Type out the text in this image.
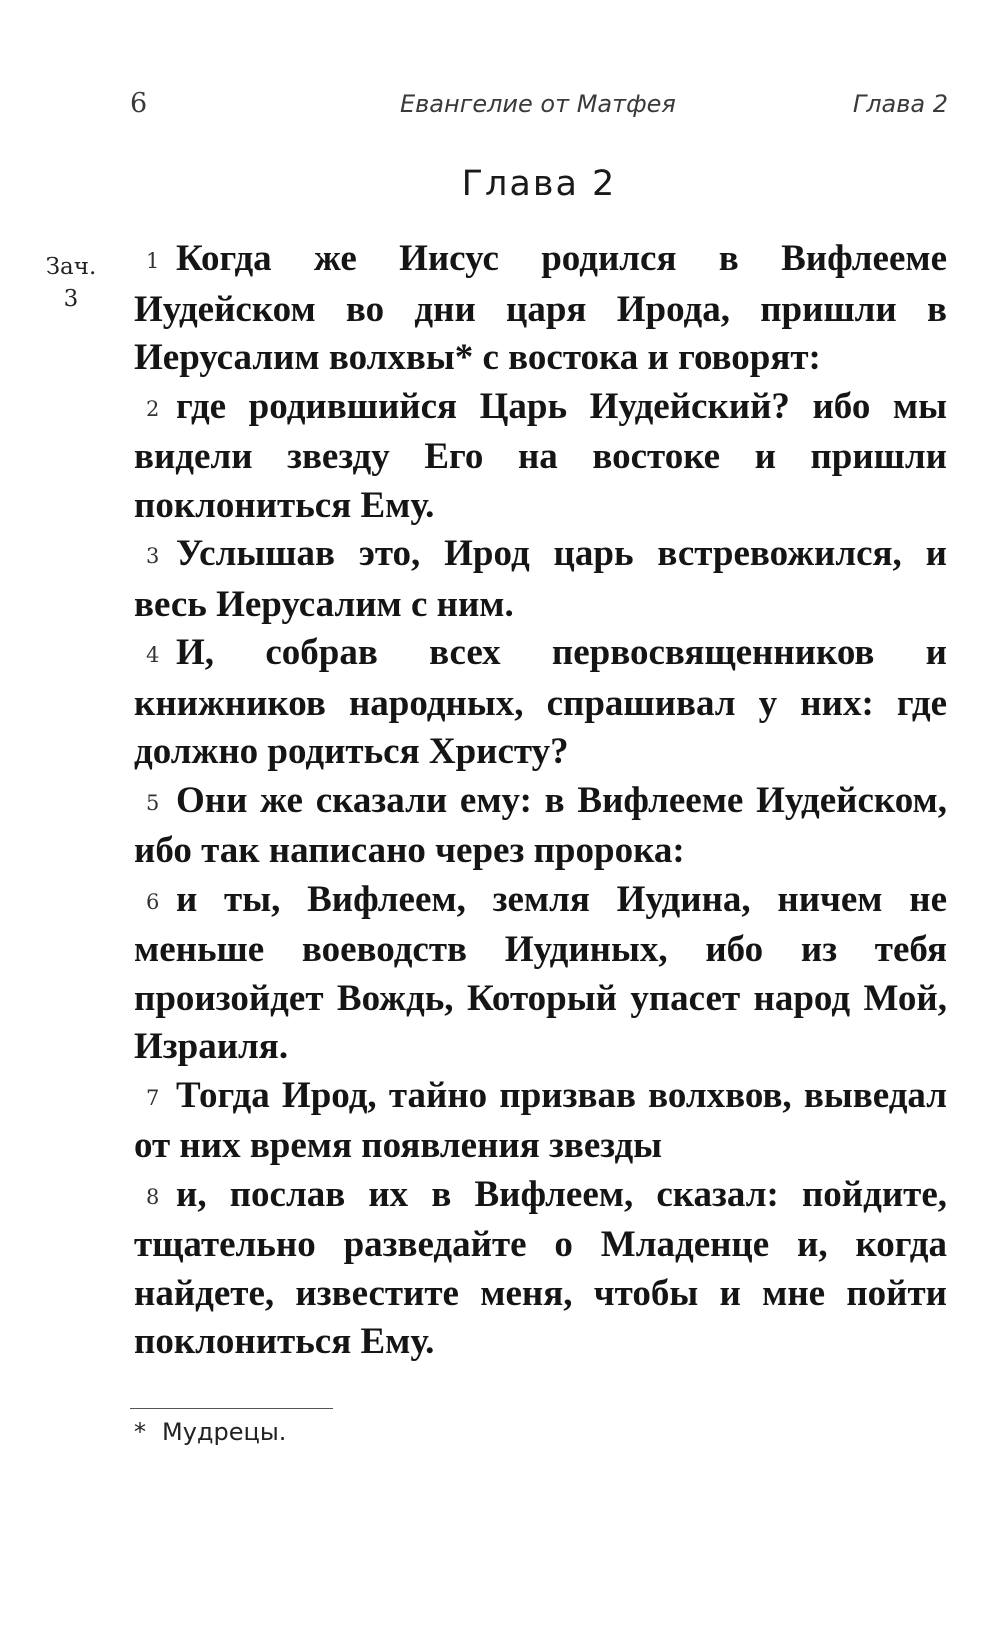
6	Евангелие от Матфея	Глава 2
Глава 2
Зач.
3

1 Когда же Иисус родился в Вифлееме Иудейском во дни царя Ирода, пришли в Иерусалим волхвы* с востока и говорят:

2 где родившийся Царь Иудейский? ибо мы видели звезду Его на востоке и пришли поклониться Ему.

3 Услышав это, Ирод царь встревожился, и весь Иерусалим с ним.

4 И, собрав всех первосвященников и книжников народных, спрашивал у них: где должно родиться Христу?

5 Они же сказали ему: в Вифлееме Иудейском, ибо так написано через пророка:

6 и ты, Вифлеем, земля Иудина, ничем не меньше воеводств Иудиных, ибо из тебя произойдет Вождь, Который упасет народ Мой, Израиля.

7 Тогда Ирод, тайно призвав волхвов, выведал от них время появления звезды

8 и, послав их в Вифлеем, сказал: пойдите, тщательно разведайте о Младенце и, когда найдете, известите меня, чтобы и мне пойти поклониться Ему.

* Мудрецы.
